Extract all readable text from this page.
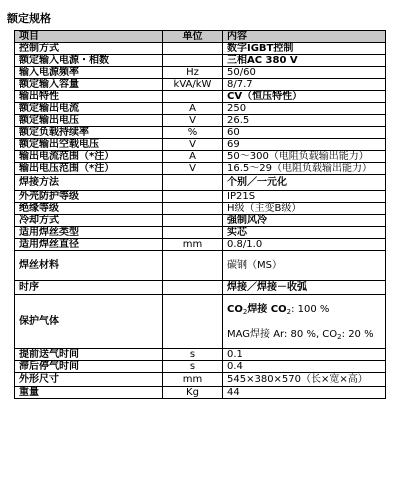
额定规格
项目	单位	内容
控制方式		数字IGBT控制
额定输入电源・相数		三相AC 380 V
输入电源频率	Hz	50/60
额定输入容量	kVA/kW	8/7.7
输出特性		CV（恒压特性）
额定输出电流	A	250
额定输出电压	V	26.5
额定负载持续率	%	60
额定输出空载电压	V	69
输出电流范围（*注）	A	50～300（电阻负载输出能力）
输出电压范围（*注）	V	16.5～29（电阻负载输出能力）
焊接方法		个别／一元化
外壳防护等级		IP21S
绝缘等级		H级（主变B级）
冷却方式		强制风冷
适用焊丝类型		实芯
适用焊丝直径	mm	0.8/1.0
焊丝材料		碳钢（MS）
时序		焊接／焊接－收弧
保护气体		$CO_2$焊接 $CO_2$: 100 %
MAG焊接 Ar: 80 %, $CO_2$: 20 %

提前送气时间	s	0.1
滞后停气时间	s	0.4
外形尺寸	mm	545×380×570（长×宽×高）
重量	Kg	44
